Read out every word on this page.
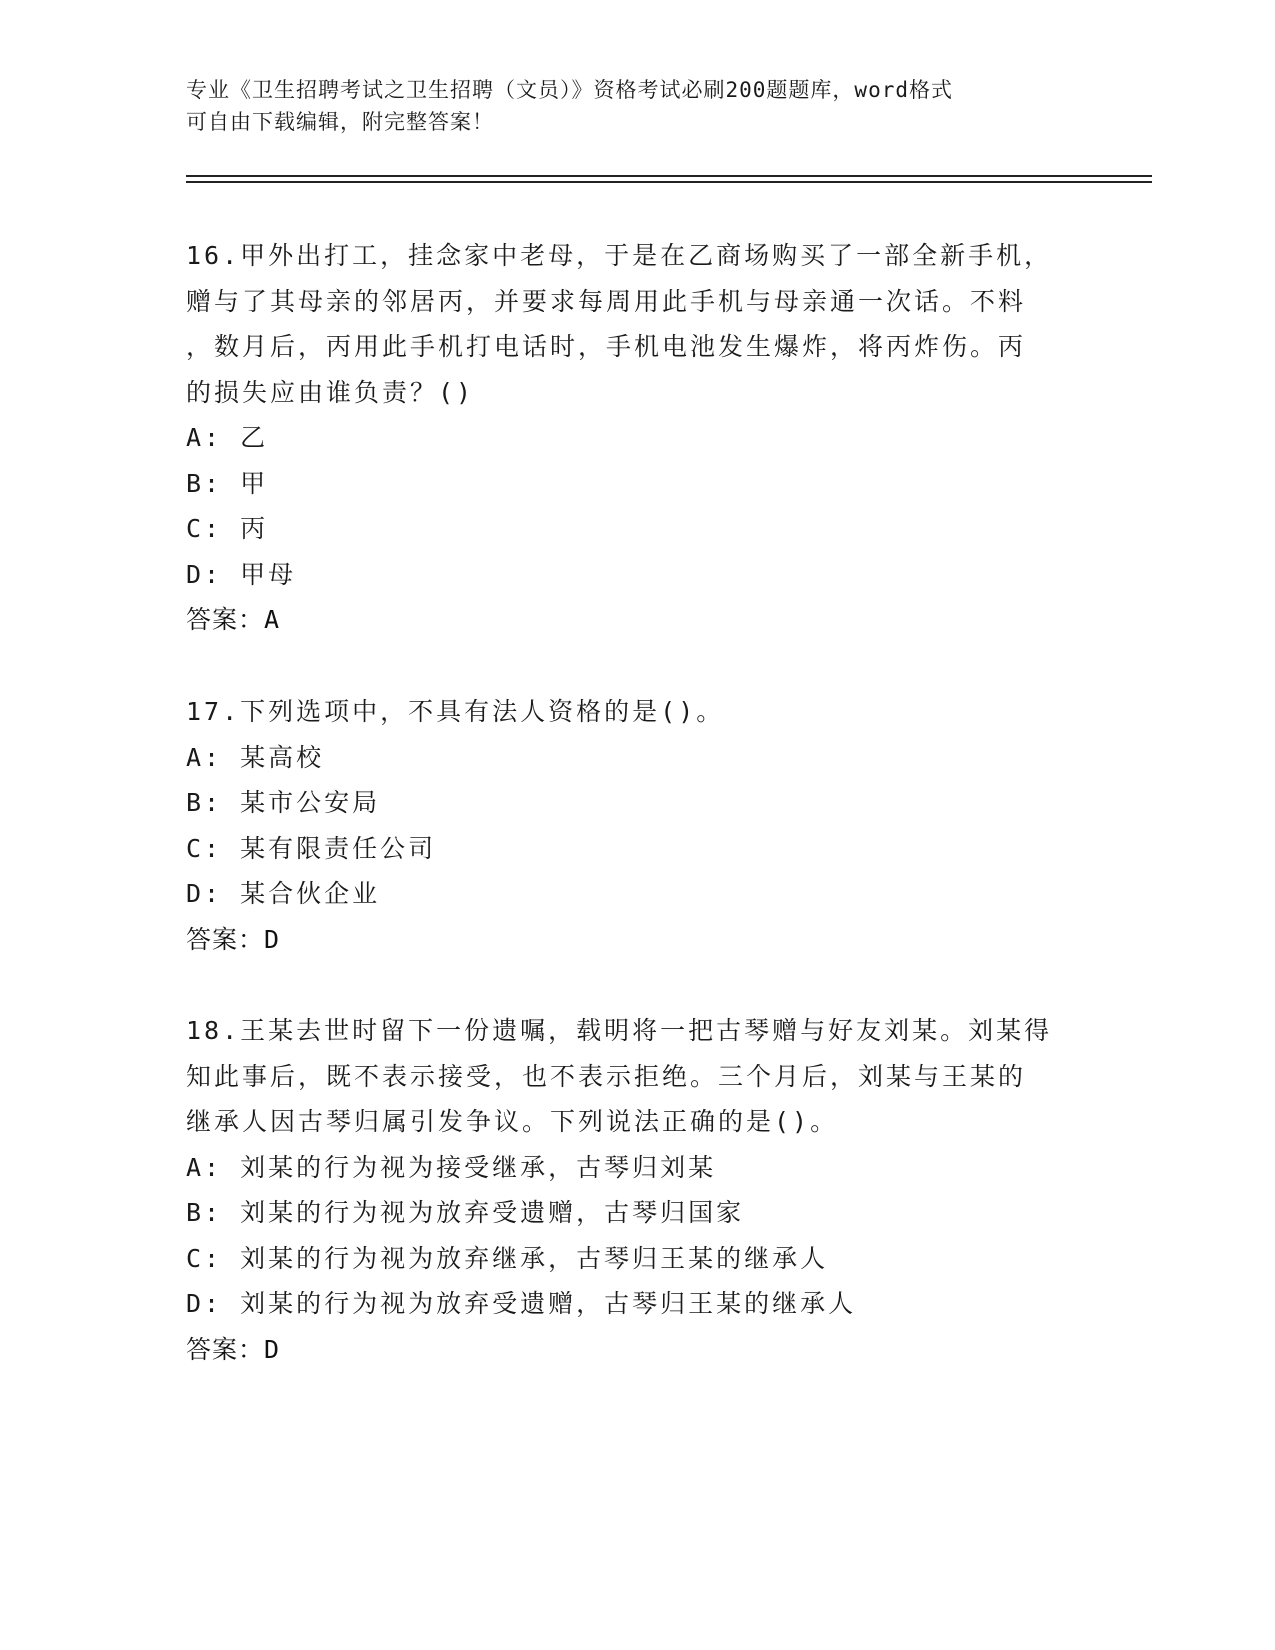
专业《卫生招聘考试之卫生招聘（文员）》资格考试必刷200题题库，word格式
可自由下载编辑，附完整答案！
16.甲外出打工，挂念家中老母，于是在乙商场购买了一部全新手机，
赠与了其母亲的邻居丙，并要求每周用此手机与母亲通一次话。不料
，数月后，丙用此手机打电话时，手机电池发生爆炸，将丙炸伤。丙
的损失应由谁负责？()
A: 乙
B: 甲
C: 丙
D: 甲母
答案：A
17.下列选项中，不具有法人资格的是()。
A: 某高校
B: 某市公安局
C: 某有限责任公司
D: 某合伙企业
答案：D
18.王某去世时留下一份遗嘱，载明将一把古琴赠与好友刘某。刘某得
知此事后，既不表示接受，也不表示拒绝。三个月后，刘某与王某的
继承人因古琴归属引发争议。下列说法正确的是()。
A: 刘某的行为视为接受继承，古琴归刘某
B: 刘某的行为视为放弃受遗赠，古琴归国家
C: 刘某的行为视为放弃继承，古琴归王某的继承人
D: 刘某的行为视为放弃受遗赠，古琴归王某的继承人
答案：D
